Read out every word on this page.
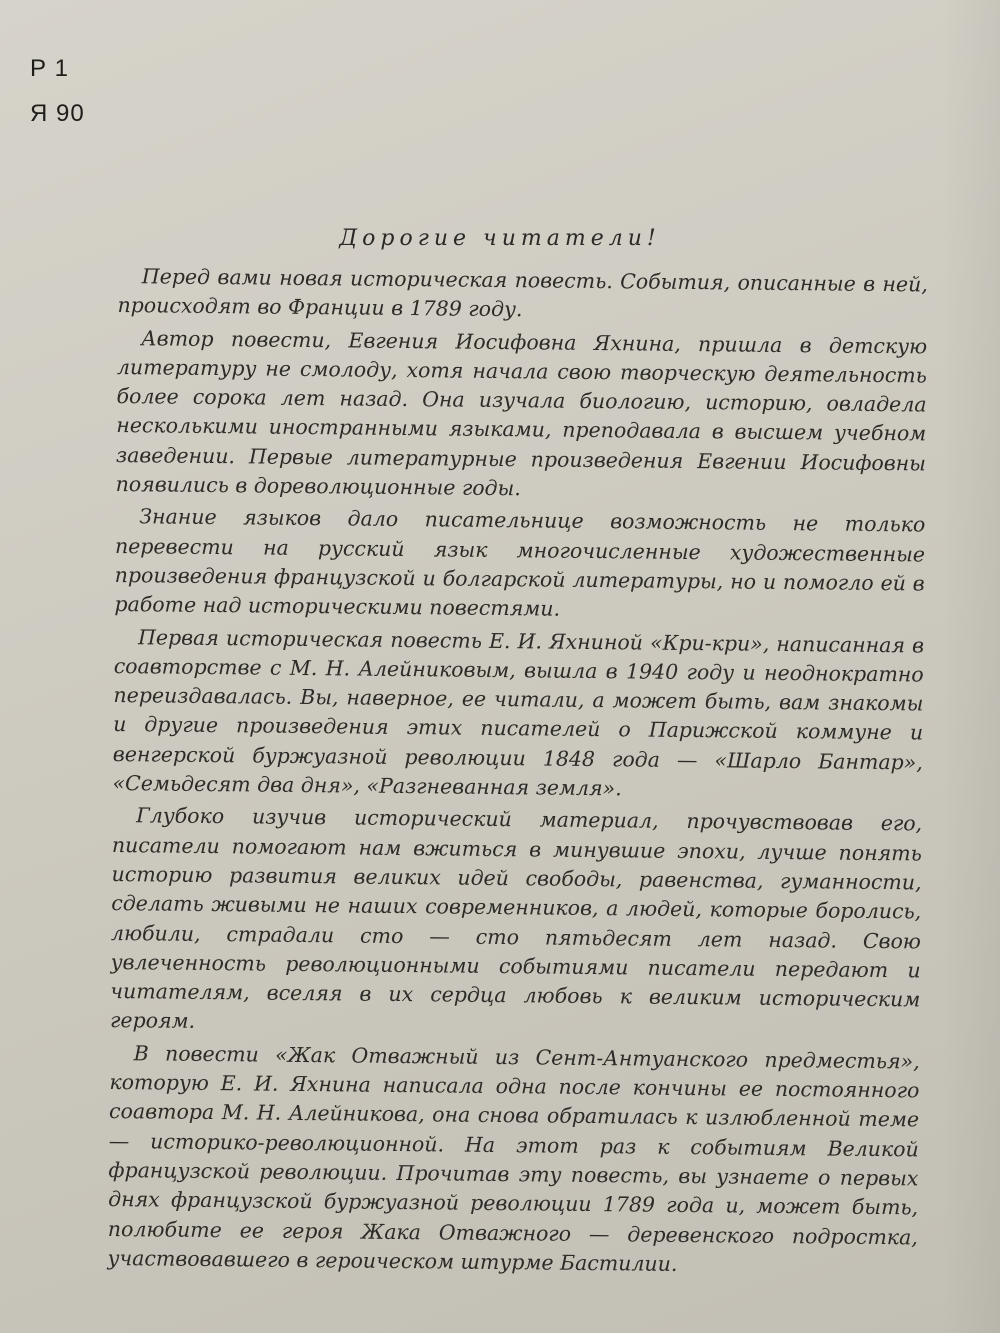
Р 1
Я 90
Дорогие читатели!

Перед вами новая историческая повесть. События, описанные в ней, происходят во Франции в 1789 году.

Автор повести, Евгения Иосифовна Яхнина, пришла в детскую литературу не смолоду, хотя начала свою творческую деятельность более сорока лет назад. Она изучала биологию, историю, овладела несколькими иностранными языками, преподавала в высшем учебном заведении. Первые литературные произведения Евгении Иосифовны появились в дореволюционные годы.

Знание языков дало писательнице возможность не только перевести на русский язык многочисленные художественные произведения французской и болгарской литературы, но и помогло ей в работе над историческими повестями.

Первая историческая повесть Е. И. Яхниной «Кри-кри», написанная в соавторстве с М. Н. Алейниковым, вышла в 1940 году и неоднократно переиздавалась. Вы, наверное, ее читали, а может быть, вам знакомы и другие произведения этих писателей о Парижской коммуне и венгерской буржуазной революции 1848 года — «Шарло Бантар», «Семьдесят два дня», «Разгневанная земля».

Глубоко изучив исторический материал, прочувствовав его, писатели помогают нам вжиться в минувшие эпохи, лучше понять историю развития великих идей свободы, равенства, гуманности, сделать живыми не наших современников, а людей, которые боролись, любили, страдали сто — сто пятьдесят лет назад. Свою увлеченность революционными событиями писатели передают и читателям, вселяя в их сердца любовь к великим историческим героям.

В повести «Жак Отважный из Сент-Антуанского предместья», которую Е. И. Яхнина написала одна после кончины ее постоянного соавтора М. Н. Алейникова, она снова обратилась к излюбленной теме — историко-революционной. На этот раз к событиям Великой французской революции. Прочитав эту повесть, вы узнаете о первых днях французской буржуазной революции 1789 года и, может быть, полюбите ее героя Жака Отважного — деревенского подростка, участвовавшего в героическом штурме Бастилии.
